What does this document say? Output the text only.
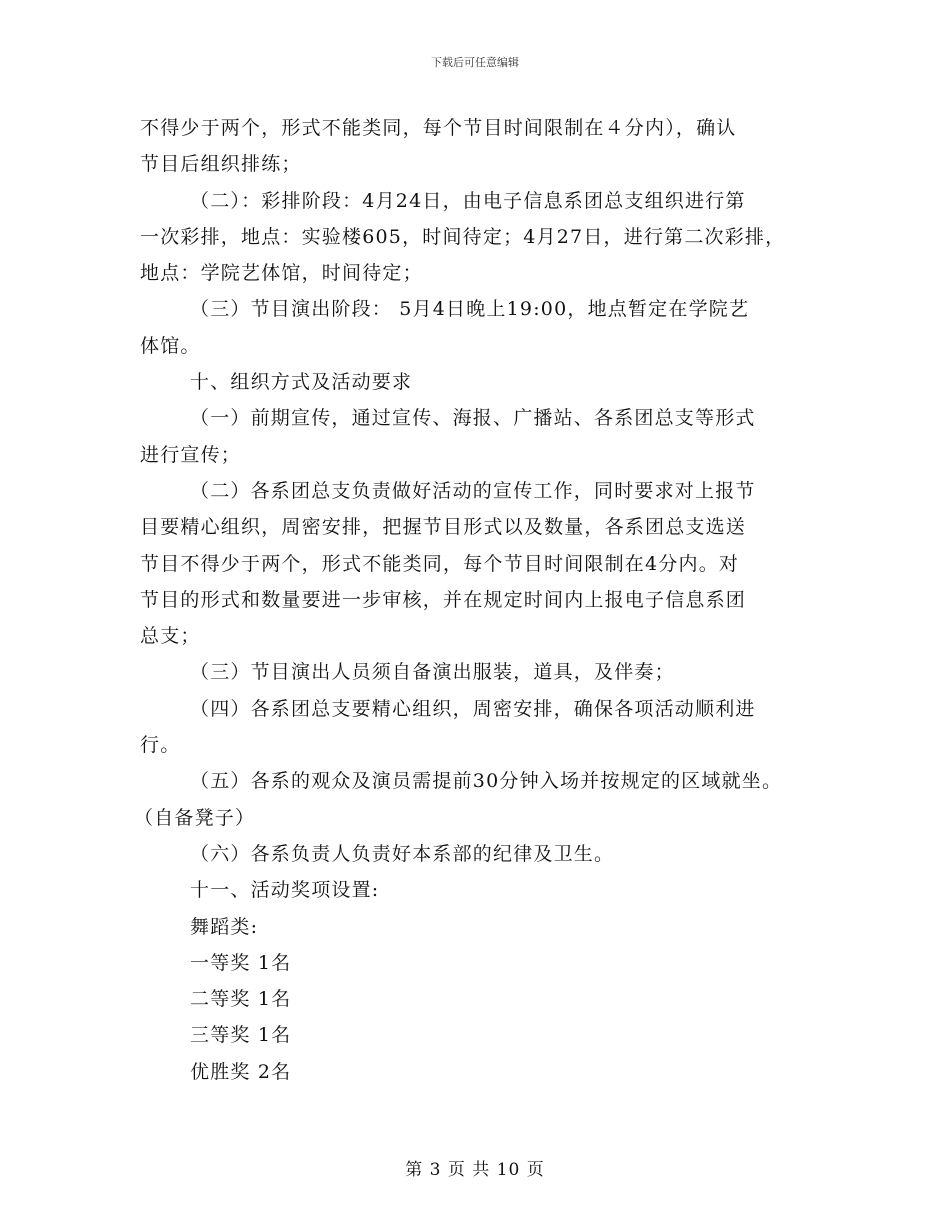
下载后可任意编辑
不得少于两个，形式不能类同，每个节目时间限制在４分内），确认
节目后组织排练；
（二）：彩排阶段：4月24日，由电子信息系团总支组织进行第
一次彩排，地点：实验楼605，时间待定；4月27日，进行第二次彩排，
地点：学院艺体馆，时间待定；
（三）节目演出阶段： 5月4日晚上19:00，地点暂定在学院艺
体馆。
十、组织方式及活动要求
（一）前期宣传，通过宣传、海报、广播站、各系团总支等形式
进行宣传；
（二）各系团总支负责做好活动的宣传工作，同时要求对上报节
目要精心组织，周密安排，把握节目形式以及数量，各系团总支选送
节目不得少于两个，形式不能类同，每个节目时间限制在4分内。对
节目的形式和数量要进一步审核，并在规定时间内上报电子信息系团
总支；
（三）节目演出人员须自备演出服装，道具，及伴奏；
（四）各系团总支要精心组织，周密安排，确保各项活动顺利进
行。
（五）各系的观众及演员需提前30分钟入场并按规定的区域就坐。
（自备凳子）
（六）各系负责人负责好本系部的纪律及卫生。
十一、活动奖项设置:
舞蹈类:
一等奖 1名
二等奖 1名
三等奖 1名
优胜奖 2名
第 3 页 共 10 页
